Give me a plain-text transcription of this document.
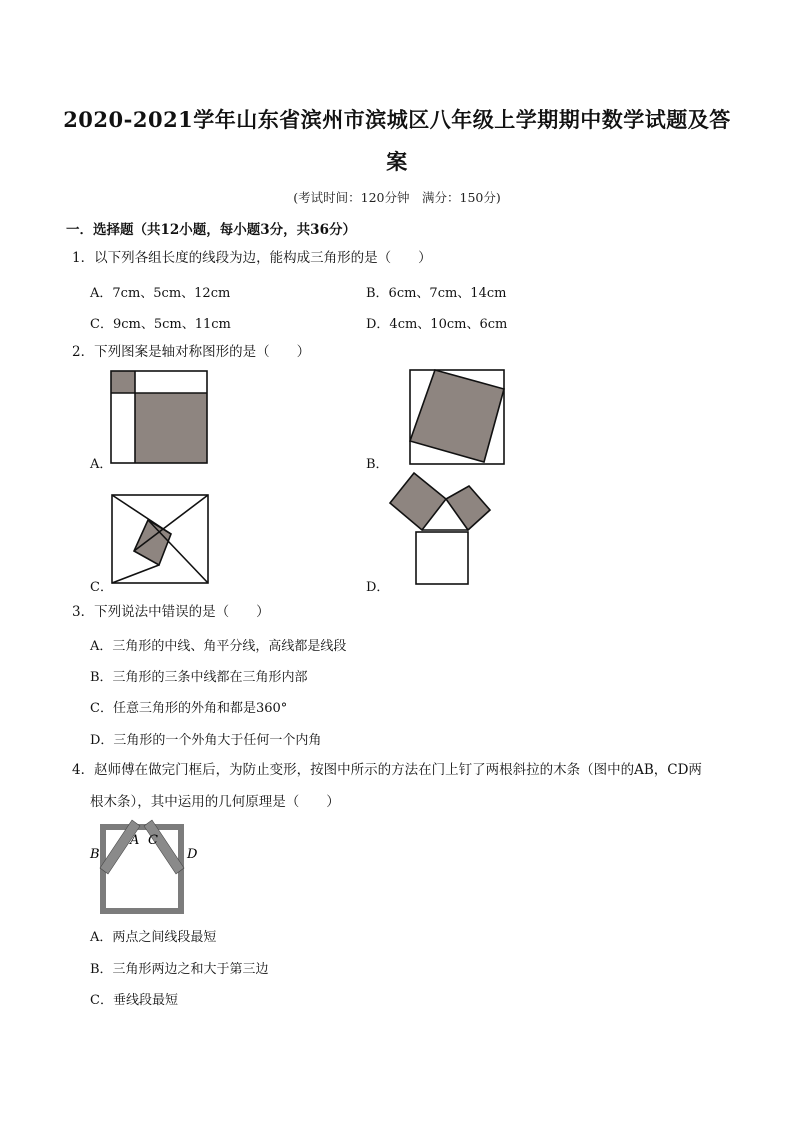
2020-2021学年山东省滨州市滨城区八年级上学期期中数学试题及答
案
(考试时间：120分钟　满分：150分)
一．选择题（共12小题，每小题3分，共36分）
1．以下列各组长度的线段为边，能构成三角形的是（　　）
A．7cm、5cm、12cm	B．6cm、7cm、14cm
C．9cm、5cm、11cm	D．4cm、10cm、6cm
2．下列图案是轴对称图形的是（　　）
A．	B．
C．	D．
3．下列说法中错误的是（　　）
A．三角形的中线、角平分线，高线都是线段
B．三角形的三条中线都在三角形内部
C．任意三角形的外角和都是360°
D．三角形的一个外角大于任何一个内角
4．赵师傅在做完门框后，为防止变形，按图中所示的方法在门上钉了两根斜拉的木条（图中的AB，CD两
根木条），其中运用的几何原理是（　　）
B
A C
D
A．两点之间线段最短
B．三角形两边之和大于第三边
C．垂线段最短
